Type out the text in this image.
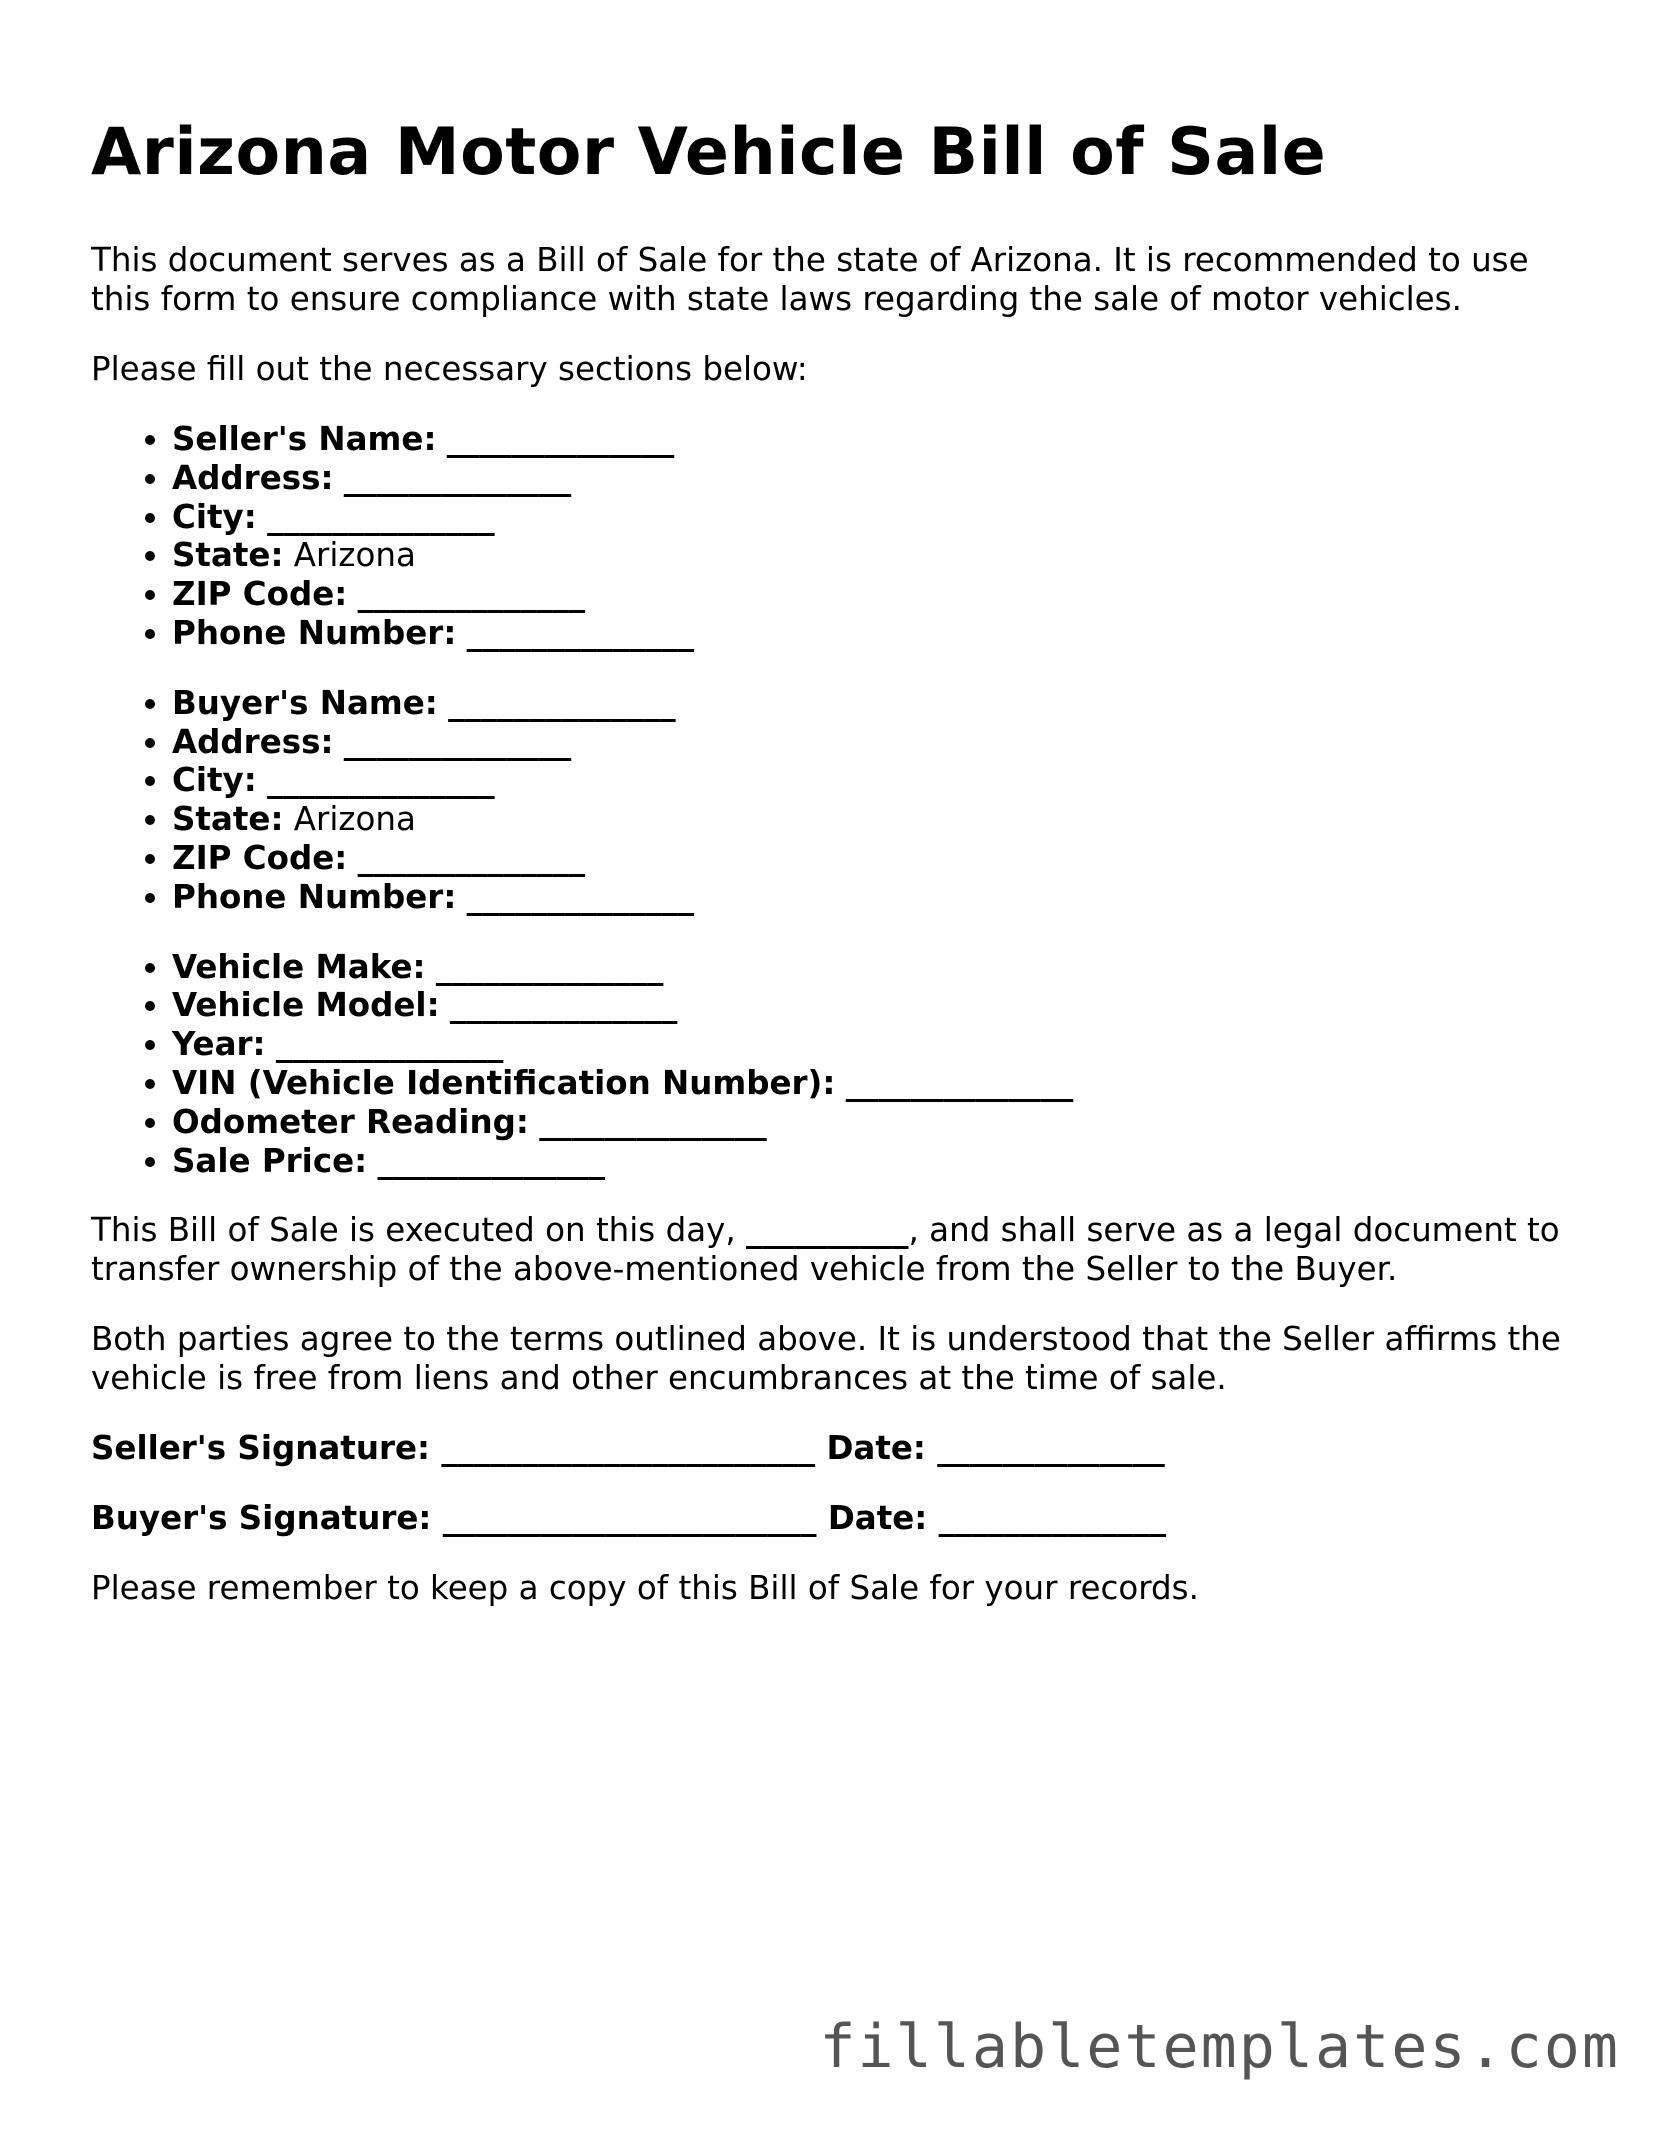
Arizona Motor Vehicle Bill of Sale

This document serves as a Bill of Sale for the state of Arizona. It is recommended to use this form to ensure compliance with state laws regarding the sale of motor vehicles.

Please fill out the necessary sections below:

• Seller's Name: ______________
• Address: ______________
• City: ______________
• State: Arizona
• ZIP Code: ______________
• Phone Number: ______________
• Buyer's Name: ______________
• Address: ______________
• City: ______________
• State: Arizona
• ZIP Code: ______________
• Phone Number: ______________
• Vehicle Make: ______________
• Vehicle Model: ______________
• Year: ______________
• VIN (Vehicle Identification Number): ______________
• Odometer Reading: ______________
• Sale Price: ______________

This Bill of Sale is executed on this day, __________, and shall serve as a legal document to transfer ownership of the above-mentioned vehicle from the Seller to the Buyer.

Both parties agree to the terms outlined above. It is understood that the Seller affirms the vehicle is free from liens and other encumbrances at the time of sale.

Seller's Signature: _______________________ Date: ______________
Buyer's Signature: _______________________ Date: ______________

Please remember to keep a copy of this Bill of Sale for your records.

fillabletemplates.com
